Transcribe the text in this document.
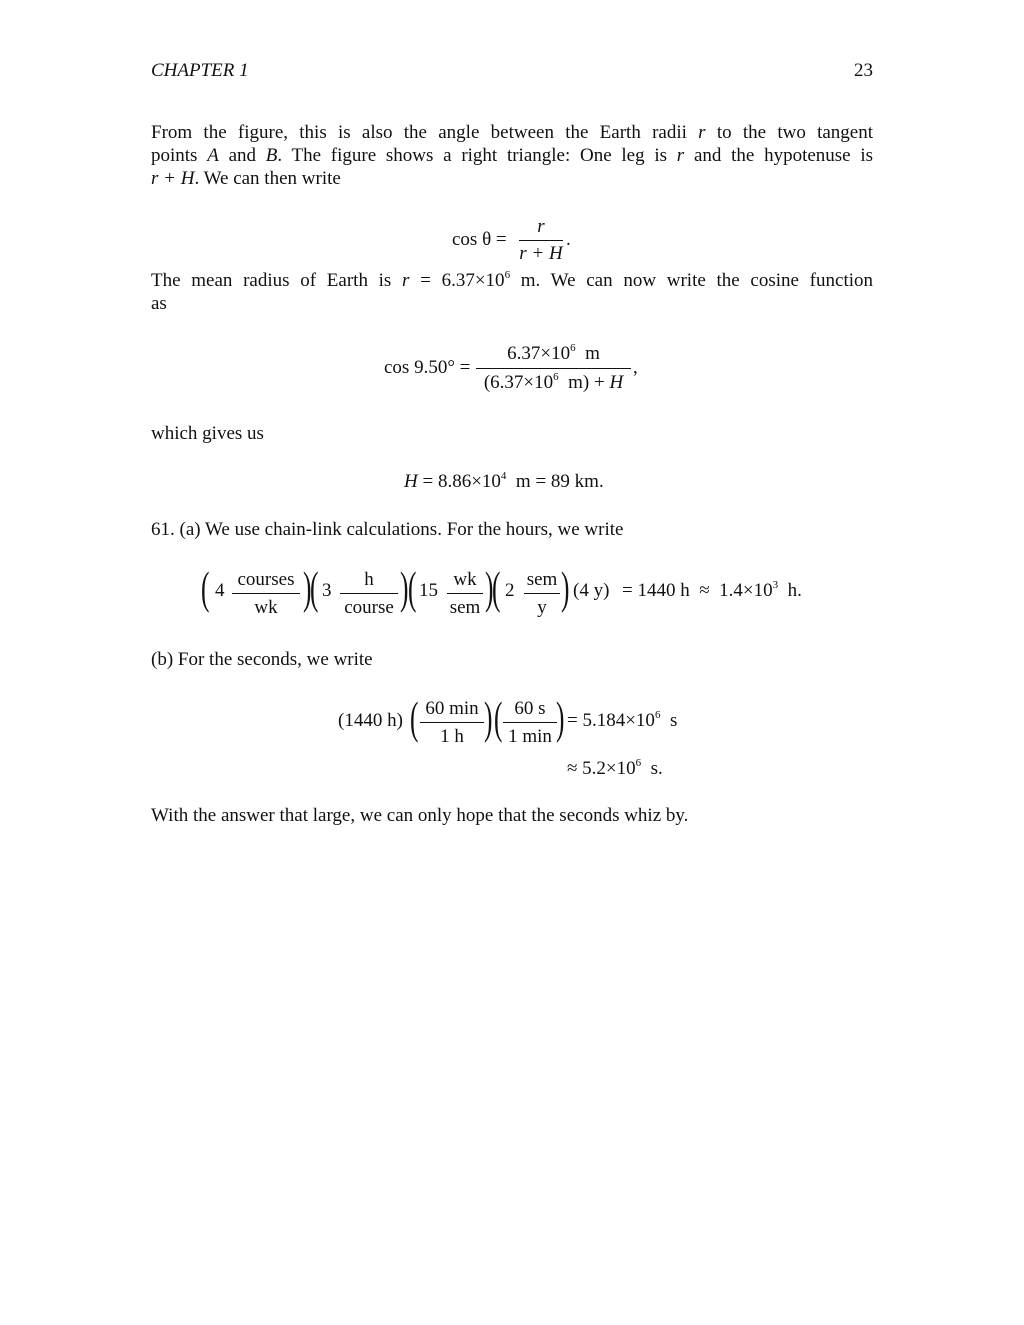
CHAPTER 1	23
From the figure, this is also the angle between the Earth radii r to the two tangent
points A and B. The figure shows a right triangle: One leg is r and the hypotenuse is
r + H. We can then write
cos θ =
r
r + H
.
The mean radius of Earth is $r = 6.37\times 10^6$ m. We can now write the cosine function
as
cos 9.50° =
$6.37\times 10^6$ m
($6.37\times 10^6$  m) + H
,
which gives us
$H = 8.86\times 10^4$ m = 89 km.
61. (a) We use chain-link calculations. For the hours, we write
( 4
courses
wk )
( 3
h
course ) ( 15
wk
sem )
( 2
sem
y ) (4 y) = 1440 $h \approx 1.4\times 10^3$ h.
(b) For the seconds, we write
(1440 h) ( 60 min
1 h ) ( 60 s
1 min ) = $5.184\times 10^6$ s
≈ $5.2\times 10^6$ s.
With the answer that large, we can only hope that the seconds whiz by.
